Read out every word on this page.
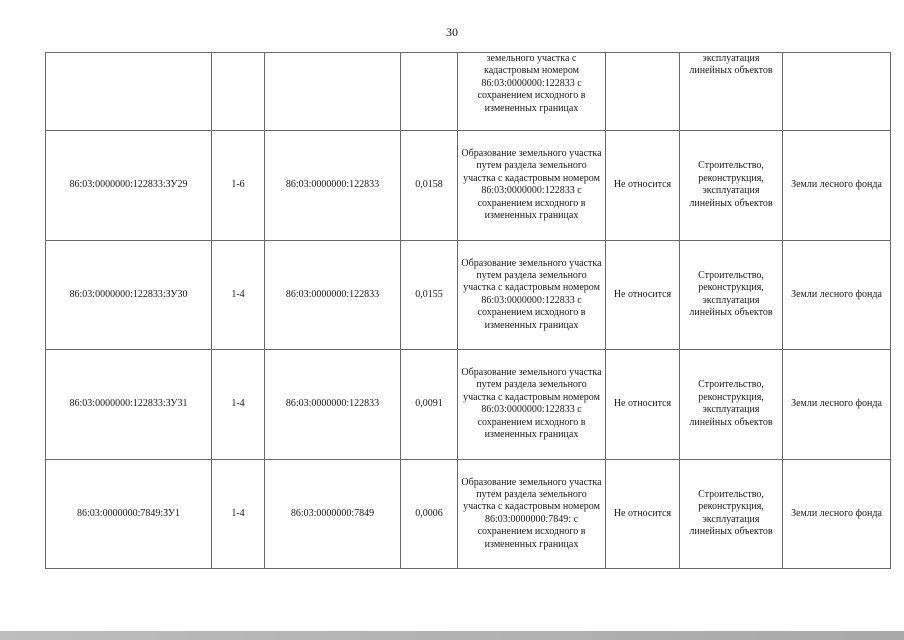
30
				земельного участка с кадастровым номером 86:03:0000000:122833 с сохранением исходного в измененных границах		эксплуатация линейных объектов	
86:03:0000000:122833:ЗУ29	1-6	86:03:0000000:122833	0,0158	Образование земельного участка путем раздела земельного участка с кадастровым номером 86:03:0000000:122833 с сохранением исходного в измененных границах	Не относится	Строительство, реконструкция, эксплуатация линейных объектов	Земли лесного фонда
86:03:0000000:122833:ЗУ30	1-4	86:03:0000000:122833	0,0155	Образование земельного участка путем раздела земельного участка с кадастровым номером 86:03:0000000:122833 с сохранением исходного в измененных границах	Не относится	Строительство, реконструкция, эксплуатация линейных объектов	Земли лесного фонда
86:03:0000000:122833:ЗУ31	1-4	86:03:0000000:122833	0,0091	Образование земельного участка путем раздела земельного участка с кадастровым номером 86:03:0000000:122833 с сохранением исходного в измененных границах	Не относится	Строительство, реконструкция, эксплуатация линейных объектов	Земли лесного фонда
86:03:0000000:7849:ЗУ1	1-4	86:03:0000000:7849	0,0006	Образование земельного участка путем раздела земельного участка с кадастровым номером 86:03:0000000:7849: с сохранением исходного в измененных границах	Не относится	Строительство, реконструкция, эксплуатация линейных объектов	Земли лесного фонда
